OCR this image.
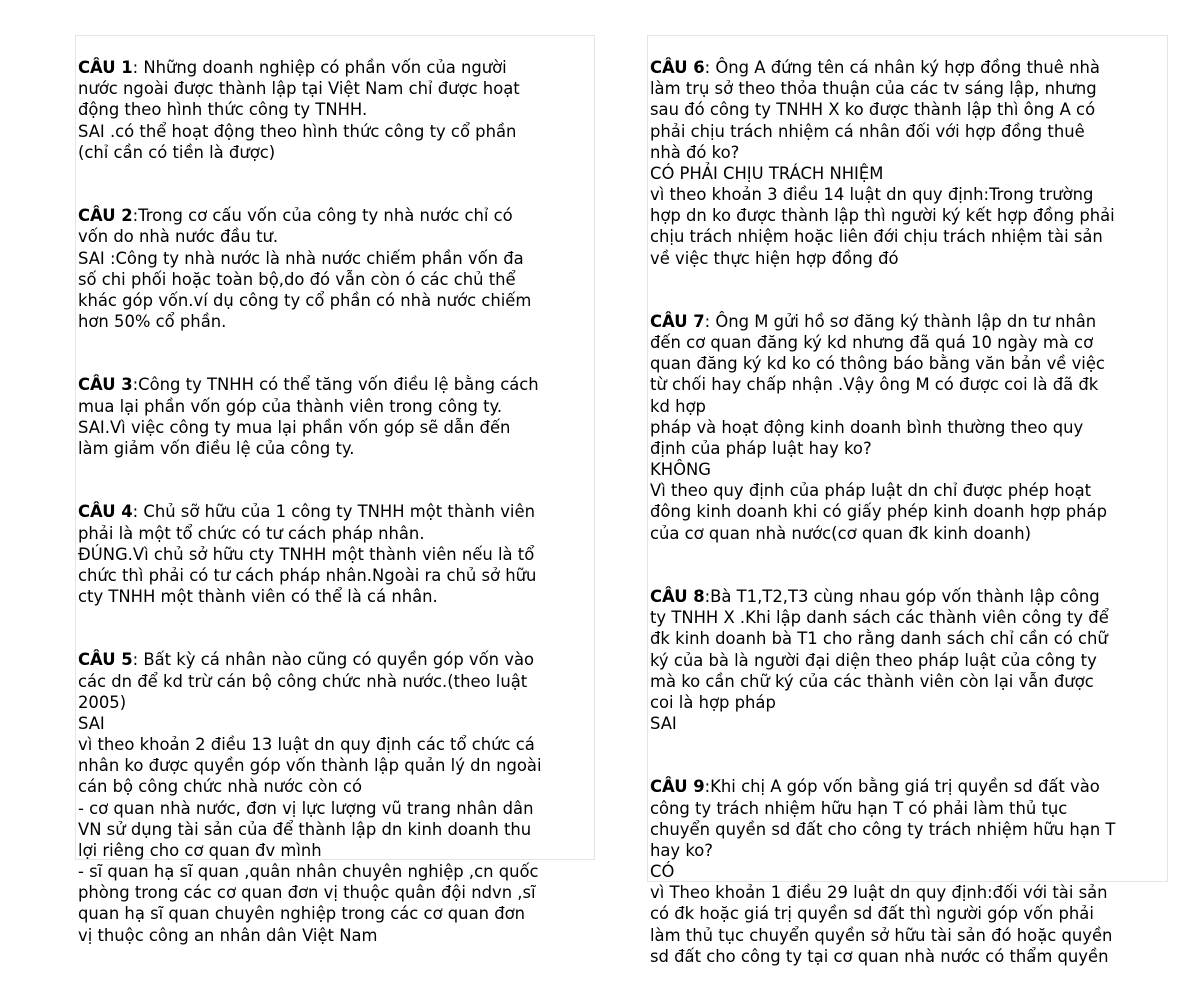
CÂU 1: Những doanh nghiệp có phần vốn của người
nước ngoài được thành lập tại Việt Nam chỉ được hoạt
động theo hình thức công ty TNHH.
SAI .có thể hoạt động theo hình thức công ty cổ phần
(chỉ cần có tiền là được)

CÂU 2:Trong cơ cấu vốn của công ty nhà nước chỉ có
vốn do nhà nước đầu tư.
SAI :Công ty nhà nước là nhà nước chiếm phần vốn đa
số chi phối hoặc toàn bộ,do đó vẫn còn ó các chủ thể
khác góp vốn.ví dụ công ty cổ phần có nhà nước chiếm
hơn 50% cổ phần.

CÂU 3:Công ty TNHH có thể tăng vốn điều lệ bằng cách
mua lại phần vốn góp của thành viên trong công ty.
SAI.Vì việc công ty mua lại phần vốn góp sẽ dẫn đến
làm giảm vốn điều lệ của công ty.

CÂU 4: Chủ sỡ hữu của 1 công ty TNHH một thành viên
phải là một tổ chức có tư cách pháp nhân.
ĐÚNG.Vì chủ sở hữu cty TNHH một thành viên nếu là tổ
chức thì phải có tư cách pháp nhân.Ngoài ra chủ sở hữu
cty TNHH một thành viên có thể là cá nhân.

CÂU 5: Bất kỳ cá nhân nào cũng có quyền góp vốn vào
các dn để kd trừ cán bộ công chức nhà nước.(theo luật
2005)
SAI
vì theo khoản 2 điều 13 luật dn quy định các tổ chức cá
nhân ko được quyền góp vốn thành lập quản lý dn ngoài
cán bộ công chức nhà nước còn có
- cơ quan nhà nước, đơn vị lực lượng vũ trang nhân dân
VN sử dụng tài sản của để thành lập dn kinh doanh thu
lợi riêng cho cơ quan đv mình
- sĩ quan hạ sĩ quan ,quân nhân chuyên nghiệp ,cn quốc
phòng trong các cơ quan đơn vị thuộc quân đội ndvn ,sĩ
quan hạ sĩ quan chuyên nghiệp trong các cơ quan đơn
vị thuộc công an nhân dân Việt Nam

CÂU 6: Ông A đứng tên cá nhân ký hợp đồng thuê nhà
làm trụ sở theo thỏa thuận của các tv sáng lập, nhưng
sau đó công ty TNHH X ko được thành lập thì ông A có
phải chịu trách nhiệm cá nhân đối với hợp đồng thuê
nhà đó ko?
CÓ PHẢI CHỊU TRÁCH NHIỆM
vì theo khoản 3 điều 14 luật dn quy định:Trong trường
hợp dn ko được thành lập thì người ký kết hợp đồng phải
chịu trách nhiệm hoặc liên đới chịu trách nhiệm tài sản
về việc thực hiện hợp đồng đó

CÂU 7: Ông M gửi hồ sơ đăng ký thành lập dn tư nhân
đến cơ quan đăng ký kd nhưng đã quá 10 ngày mà cơ
quan đăng ký kd ko có thông báo bằng văn bản về việc
từ chối hay chấp nhận .Vậy ông M có được coi là đã đk
kd hợp
pháp và hoạt động kinh doanh bình thường theo quy
định của pháp luật hay ko?
KHÔNG
Vì theo quy định của pháp luật dn chỉ được phép hoạt
đông kinh doanh khi có giấy phép kinh doanh hợp pháp
của cơ quan nhà nước(cơ quan đk kinh doanh)

CÂU 8:Bà T1,T2,T3 cùng nhau góp vốn thành lập công
ty TNHH X .Khi lập danh sách các thành viên công ty để
đk kinh doanh bà T1 cho rằng danh sách chỉ cần có chữ
ký của bà là người đại diện theo pháp luật của công ty
mà ko cần chữ ký của các thành viên còn lại vẫn được
coi là hợp pháp
SAI

CÂU 9:Khi chị A góp vốn bằng giá trị quyền sd đất vào
công ty trách nhiệm hữu hạn T có phải làm thủ tục
chuyển quyền sd đất cho công ty trách nhiệm hữu hạn T
hay ko?
CÓ
vì Theo khoản 1 điều 29 luật dn quy định:đối với tài sản
có đk hoặc giá trị quyền sd đất thì người góp vốn phải
làm thủ tục chuyển quyền sở hữu tài sản đó hoặc quyền
sd đất cho công ty tại cơ quan nhà nước có thẩm quyền
